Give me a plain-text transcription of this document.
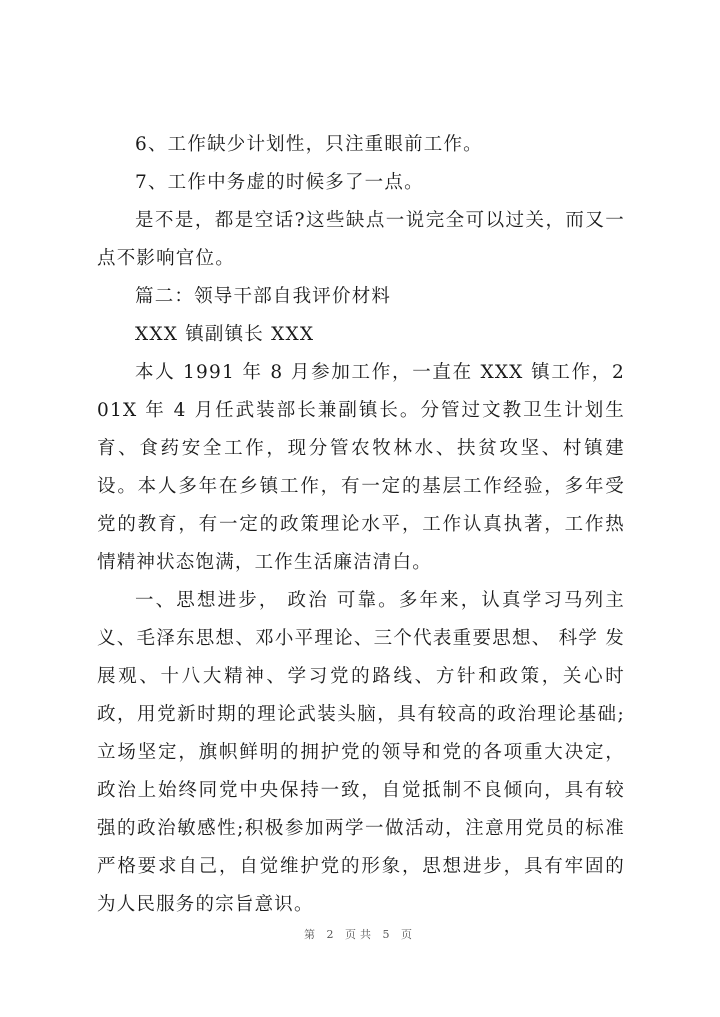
6、工作缺少计划性，只注重眼前工作。

7、工作中务虚的时候多了一点。

是不是，都是空话?这些缺点一说完全可以过关，而又一点不影响官位。

篇二：领导干部自我评价材料

XXX 镇副镇长 XXX

本人 1991 年 8 月参加工作，一直在 XXX 镇工作，201X 年 4 月任武装部长兼副镇长。分管过文教卫生计划生育、食药安全工作，现分管农牧林水、扶贫攻坚、村镇建设。本人多年在乡镇工作，有一定的基层工作经验，多年受党的教育，有一定的政策理论水平，工作认真执著，工作热情精神状态饱满，工作生活廉洁清白。

一、思想进步， 政治 可靠。多年来，认真学习马列主义、毛泽东思想、邓小平理论、三个代表重要思想、 科学 发展观、十八大精神、学习党的路线、方针和政策，关心时政，用党新时期的理论武装头脑，具有较高的政治理论基础;立场坚定，旗帜鲜明的拥护党的领导和党的各项重大决定，政治上始终同党中央保持一致，自觉抵制不良倾向，具有较强的政治敏感性;积极参加两学一做活动，注意用党员的标准严格要求自己，自觉维护党的形象，思想进步，具有牢固的为人民服务的宗旨意识。

第 2 页共 5 页
